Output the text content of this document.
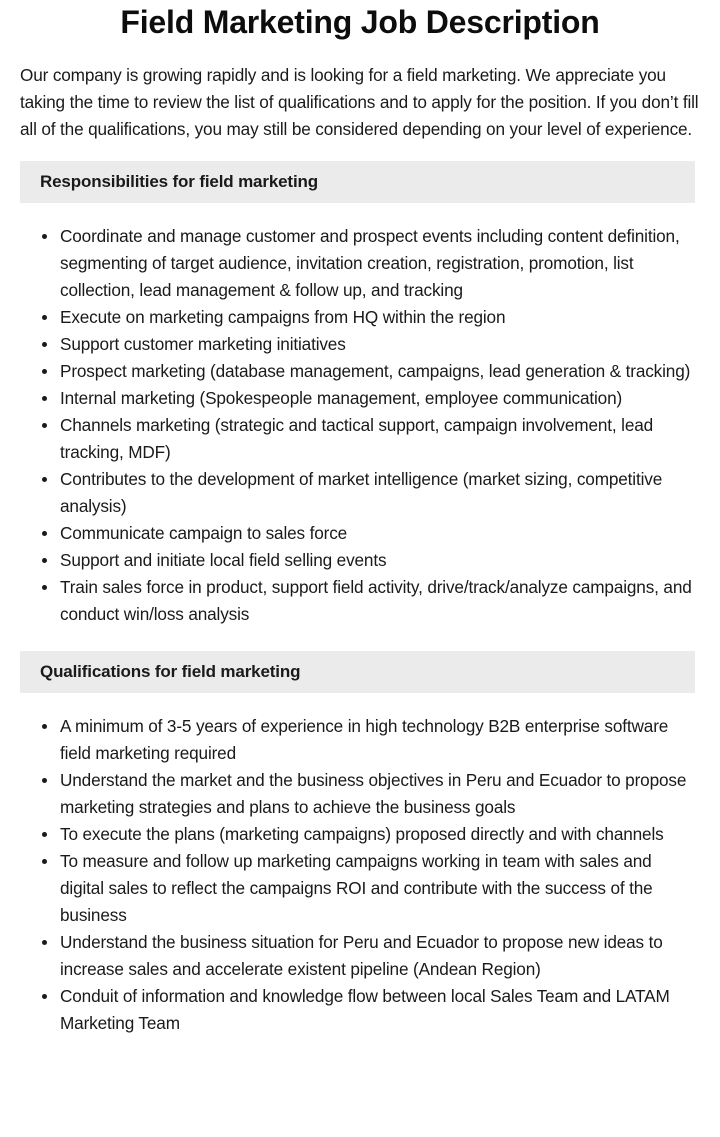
Field Marketing Job Description

Our company is growing rapidly and is looking for a field marketing. We appreciate you taking the time to review the list of qualifications and to apply for the position. If you don’t fill all of the qualifications, you may still be considered depending on your level of experience.

Responsibilities for field marketing
Coordinate and manage customer and prospect events including content definition, segmenting of target audience, invitation creation, registration, promotion, list collection, lead management & follow up, and tracking
Execute on marketing campaigns from HQ within the region
Support customer marketing initiatives
Prospect marketing (database management, campaigns, lead generation & tracking)
Internal marketing (Spokespeople management, employee communication)
Channels marketing (strategic and tactical support, campaign involvement, lead tracking, MDF)
Contributes to the development of market intelligence (market sizing, competitive analysis)
Communicate campaign to sales force
Support and initiate local field selling events
Train sales force in product, support field activity, drive/track/analyze campaigns, and conduct win/loss analysis
Qualifications for field marketing
A minimum of 3-5 years of experience in high technology B2B enterprise software field marketing required
Understand the market and the business objectives in Peru and Ecuador to propose marketing strategies and plans to achieve the business goals
To execute the plans (marketing campaigns) proposed directly and with channels
To measure and follow up marketing campaigns working in team with sales and digital sales to reflect the campaigns ROI and contribute with the success of the business
Understand the business situation for Peru and Ecuador to propose new ideas to increase sales and accelerate existent pipeline (Andean Region)
Conduit of information and knowledge flow between local Sales Team and LATAM Marketing Team
